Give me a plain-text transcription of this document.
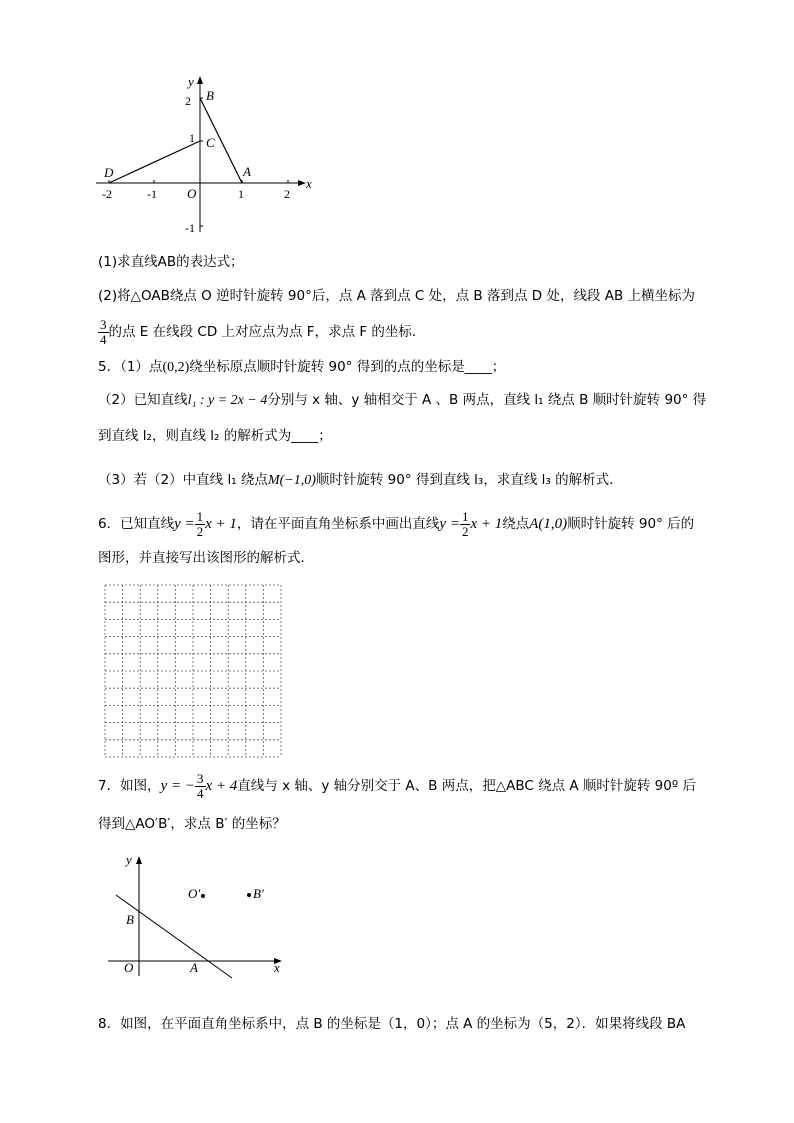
x
y
O
-2	-1	1	2
2
1
-1
B
C
A
D
(1)求直线AB的表达式；
(2)将△OAB绕点 O 逆时针旋转 90°后，点 A 落到点 C 处，点 B 落到点 D 处，线段 AB 上横坐标为
$\frac{3}{4}$ 的点 E 在线段 CD 上对应点为点 F，求点 F 的坐标．
5．（1）点(0,2)绕坐标原点顺时针旋转 90° 得到的点的坐标是____；
（2）已知直线l₁ : y = 2x − 4分别与 x 轴、y 轴相交于 A 、B 两点，直线 l₁ 绕点 B 顺时针旋转 90° 得
到直线 l₂，则直线 l₂ 的解析式为____；
（3）若（2）中直线 l₁ 绕点M(−1,0)顺时针旋转 90° 得到直线 l₃，求直线 l₃ 的解析式．
6．已知直线$y = \frac{1}{2}$ x + 1，请在平面直角坐标系中画出直线$y = \frac{1}{2}$ x + 1绕点A(1,0)顺时针旋转 90° 后的
图形，并直接写出该图形的解析式．
7．如图，y = − $\frac{3}{4}$ x + 4直线与 x 轴、y 轴分别交于 A、B 两点，把△ABC 绕点 A 顺时针旋转 90º 后
得到△AO′B′，求点 B′ 的坐标？
x
y
O
B
A
O′	B′
8．如图，在平面直角坐标系中，点 B 的坐标是（1，0）；点 A 的坐标为（5，2）．如果将线段 BA
